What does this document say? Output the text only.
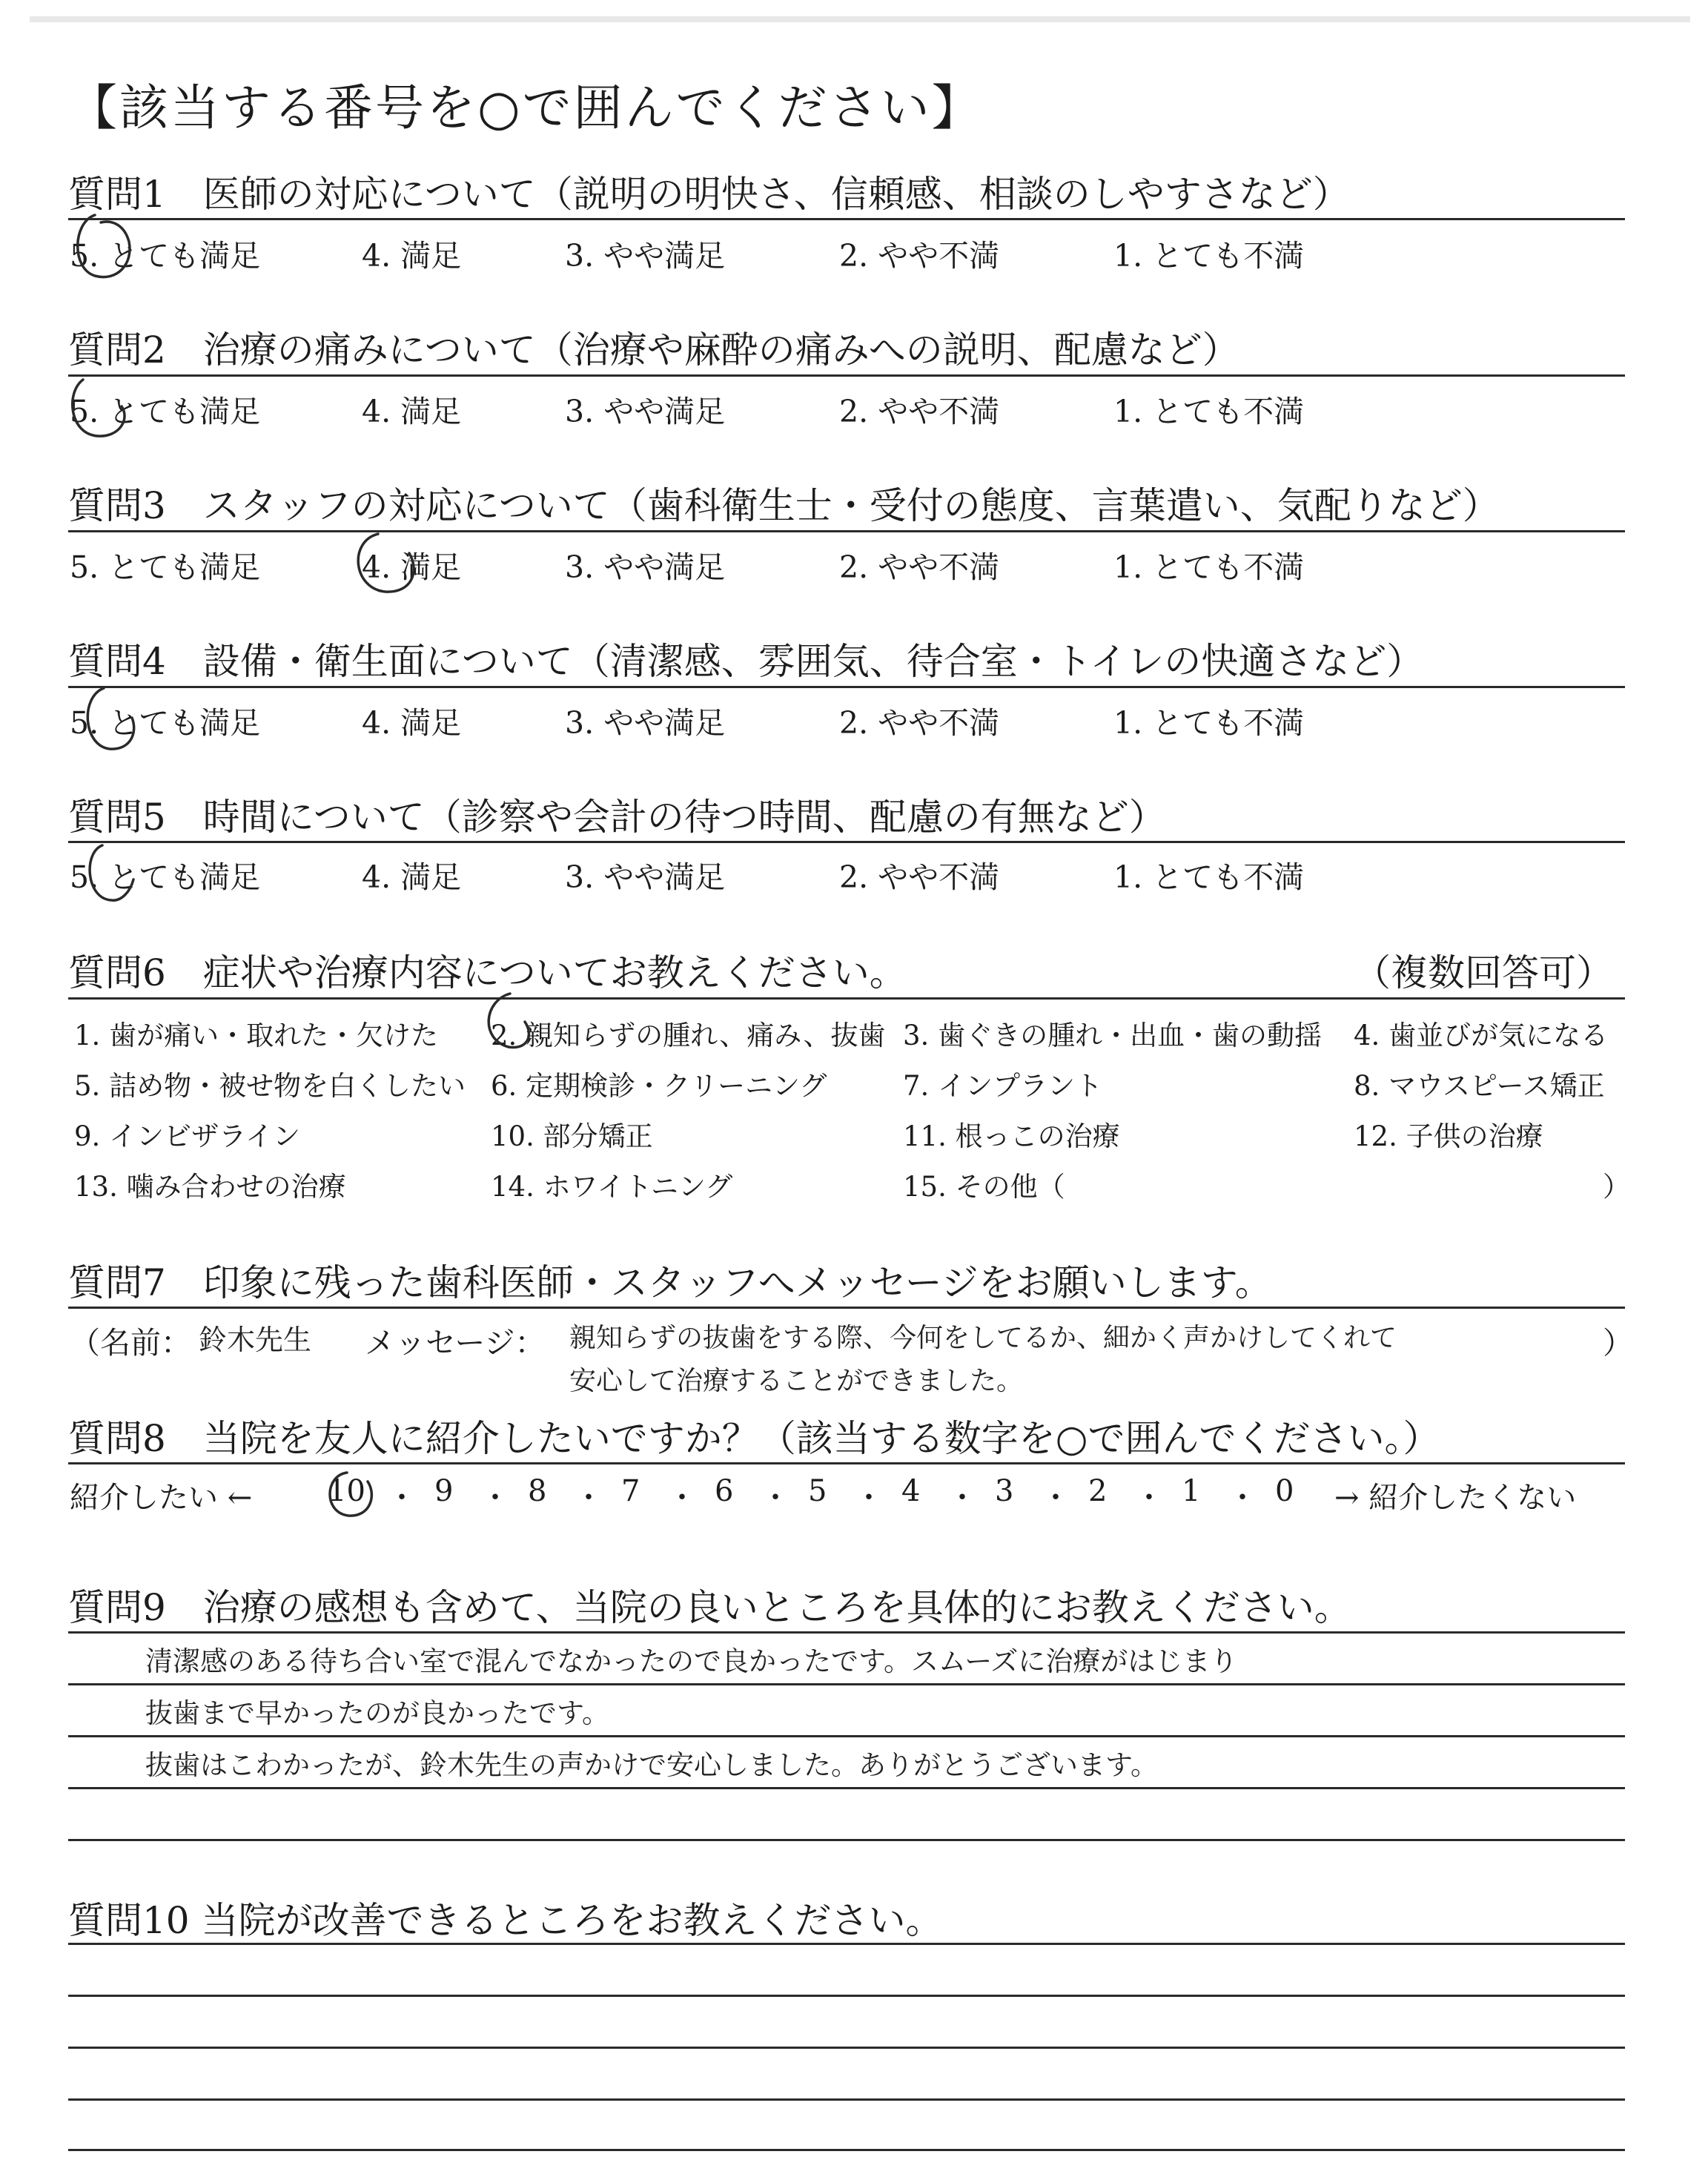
【該当する番号を○で囲んでください】
質問1　医師の対応について（説明の明快さ、信頼感、相談のしやすさなど）
5. とても満足	4. 満足	3. やや満足	2. やや不満	1. とても不満
質問2　治療の痛みについて（治療や麻酔の痛みへの説明、配慮など）
5. とても満足	4. 満足	3. やや満足	2. やや不満	1. とても不満
質問3　スタッフの対応について（歯科衛生士・受付の態度、言葉遣い、気配りなど）
5. とても満足	4. 満足	3. やや満足	2. やや不満	1. とても不満
質問4　設備・衛生面について（清潔感、雰囲気、待合室・トイレの快適さなど）
5. とても満足	4. 満足	3. やや満足	2. やや不満	1. とても不満
質問5　時間について（診察や会計の待つ時間、配慮の有無など）
5. とても満足	4. 満足	3. やや満足	2. やや不満	1. とても不満
質問6　症状や治療内容についてお教えください。	（複数回答可）
1. 歯が痛い・取れた・欠けた 2. 親知らずの腫れ、痛み、抜歯 3. 歯ぐきの腫れ・出血・歯の動揺 4. 歯並びが気になる
5. 詰め物・被せ物を白くしたい 6. 定期検診・クリーニング	7. インプラント	8. マウスピース矯正
9. インビザライン	10. 部分矯正	11. 根っこの治療	12. 子供の治療
13. 噛み合わせの治療	14. ホワイトニング	15. その他（	）
質問7　印象に残った歯科医師・スタッフへメッセージをお願いします。
（名前： 鈴木先生 メッセージ： 親知らずの抜歯をする際、今何をしてるか、細かく声かけしてくれて	）
安心して治療することができました。
質問8　当院を友人に紹介したいですか？（該当する数字を○で囲んでください。）
紹介したい ←	10 ・ 9 ・ 8 ・ 7 ・ 6 ・ 5 ・ 4 ・ 3 ・ 2 ・ 1 ・ 0 → 紹介したくない
質問9　治療の感想も含めて、当院の良いところを具体的にお教えください。
清潔感のある待ち合い室で混んでなかったので良かったです。スムーズに治療がはじまり
抜歯まで早かったのが良かったです。
抜歯はこわかったが、鈴木先生の声かけで安心しました。ありがとうございます。
質問10 当院が改善できるところをお教えください。
